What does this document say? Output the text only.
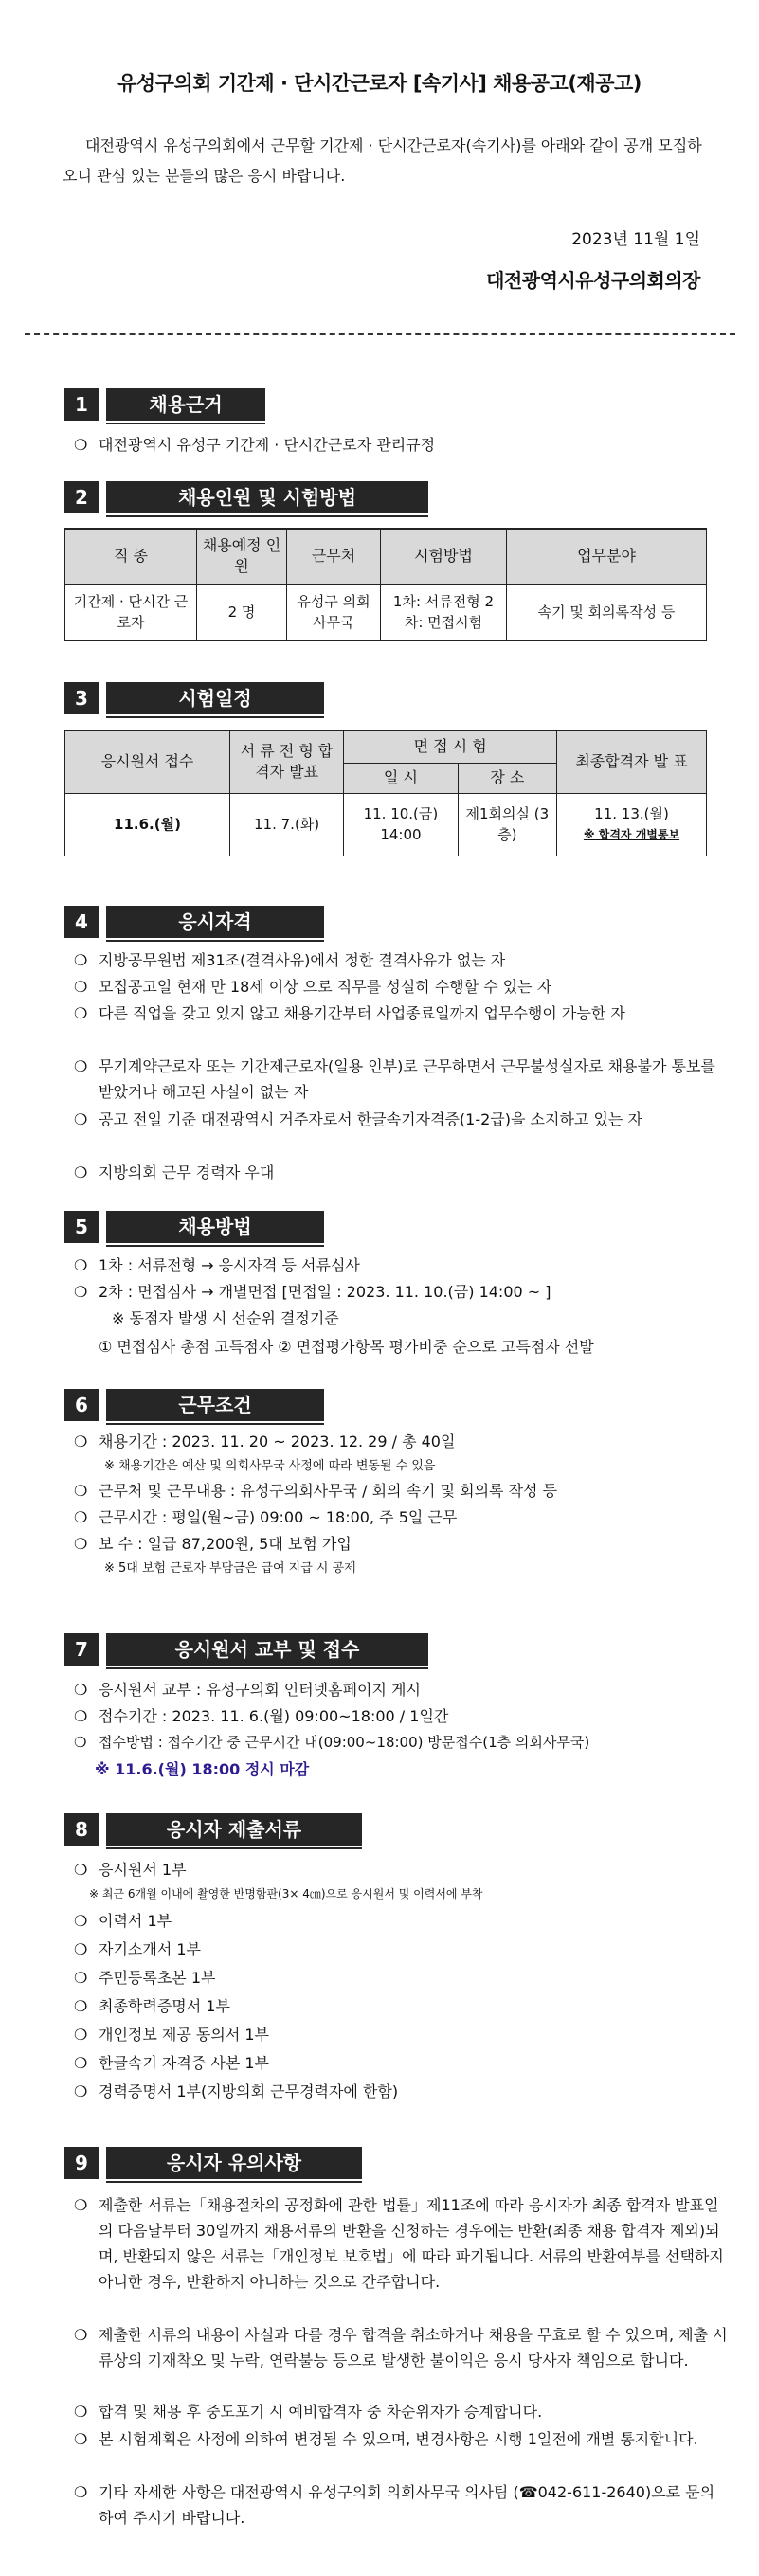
유성구의회 기간제 · 단시간근로자 [속기사] 채용공고(재공고)
대전광역시 유성구의회에서 근무할 기간제 · 단시간근로자(속기사)를 아래와 같이 공개 모집하오니 관심 있는 분들의 많은 응시 바랍니다.
2023년 11월 1일
대전광역시유성구의회의장
1	채용근거
❍ 대전광역시 유성구 기간제 · 단시간근로자 관리규정
2	채용인원 및 시험방법
직 종	채용예정 인 원	근무처	시험방법	업무분야
기간제 · 단시간 근로자	2 명	유성구 의회사무국	1차: 서류전형 2차: 면접시험	속기 및 회의록작성 등
3	시험일정
응시원서 접수	서 류 전 형 합격자 발표	면 접 시 험		최종합격자 발 표
		일 시	장 소	
11.6.(월)	11. 7.(화)	11. 10.(금) 14:00	제1회의실 (3층)	11. 13.(월)
※ 합격자 개별통보
4	응시자격
❍ 지방공무원법 제31조(결격사유)에서 정한 결격사유가 없는 자
❍ 모집공고일 현재 만 18세 이상 으로 직무를 성실히 수행할 수 있는 자
❍ 다른 직업을 갖고 있지 않고 채용기간부터 사업종료일까지 업무수행이 가능한 자
❍ 무기계약근로자 또는 기간제근로자(일용 인부)로 근무하면서 근무불성실자로 채용불가 통보를 받았거나 해고된 사실이 없는 자
❍ 공고 전일 기준 대전광역시 거주자로서 한글속기자격증(1-2급)을 소지하고 있는 자
❍ 지방의회 근무 경력자 우대
5	채용방법
❍ 1차 : 서류전형 → 응시자격 등 서류심사
❍ 2차 : 면접심사 → 개별면접 [면접일 : 2023. 11. 10.(금) 14:00 ~ ]
※ 동점자 발생 시 선순위 결정기준
① 면접심사 총점 고득점자 ② 면접평가항목 평가비중 순으로 고득점자 선발
6	근무조건
❍ 채용기간 : 2023. 11. 20 ~ 2023. 12. 29 / 총 40일
※ 채용기간은 예산 및 의회사무국 사정에 따라 변동될 수 있음
❍ 근무처 및 근무내용 : 유성구의회사무국 / 회의 속기 및 회의록 작성 등
❍ 근무시간 : 평일(월~금) 09:00 ~ 18:00, 주 5일 근무
❍ 보 수 : 일급 87,200원, 5대 보험 가입
※ 5대 보험 근로자 부담금은 급여 지급 시 공제
7	응시원서 교부 및 접수
❍ 응시원서 교부 : 유성구의회 인터넷홈페이지 게시
❍ 접수기간 : 2023. 11. 6.(월) 09:00~18:00 / 1일간
❍ 접수방법 : 접수기간 중 근무시간 내(09:00~18:00) 방문접수(1층 의회사무국)
※ 11.6.(월) 18:00 정시 마감
8	응시자 제출서류
❍ 응시원서 1부
※ 최근 6개월 이내에 촬영한 반명함판(3× 4㎝)으로 응시원서 및 이력서에 부착
❍ 이력서 1부
❍ 자기소개서 1부
❍ 주민등록초본 1부
❍ 최종학력증명서 1부
❍ 개인정보 제공 동의서 1부
❍ 한글속기 자격증 사본 1부
❍ 경력증명서 1부(지방의회 근무경력자에 한함)
9	응시자 유의사항
❍ 제출한 서류는「채용절차의 공정화에 관한 법률」제11조에 따라 응시자가 최종 합격자 발표일의 다음날부터 30일까지 채용서류의 반환을 신청하는 경우에는 반환(최종 채용 합격자 제외)되며, 반환되지 않은 서류는「개인정보 보호법」에 따라 파기됩니다. 서류의 반환여부를 선택하지 아니한 경우, 반환하지 아니하는 것으로 간주합니다.
❍ 제출한 서류의 내용이 사실과 다를 경우 합격을 취소하거나 채용을 무효로 할 수 있으며, 제출 서류상의 기재착오 및 누락, 연락불능 등으로 발생한 불이익은 응시 당사자 책임으로 합니다.
❍ 합격 및 채용 후 중도포기 시 예비합격자 중 차순위자가 승계합니다.
❍ 본 시험계획은 사정에 의하여 변경될 수 있으며, 변경사항은 시행 1일전에 개별 통지합니다.
❍ 기타 자세한 사항은 대전광역시 유성구의회 의회사무국 의사팀 (☎042-611-2640)으로 문의하여 주시기 바랍니다.
